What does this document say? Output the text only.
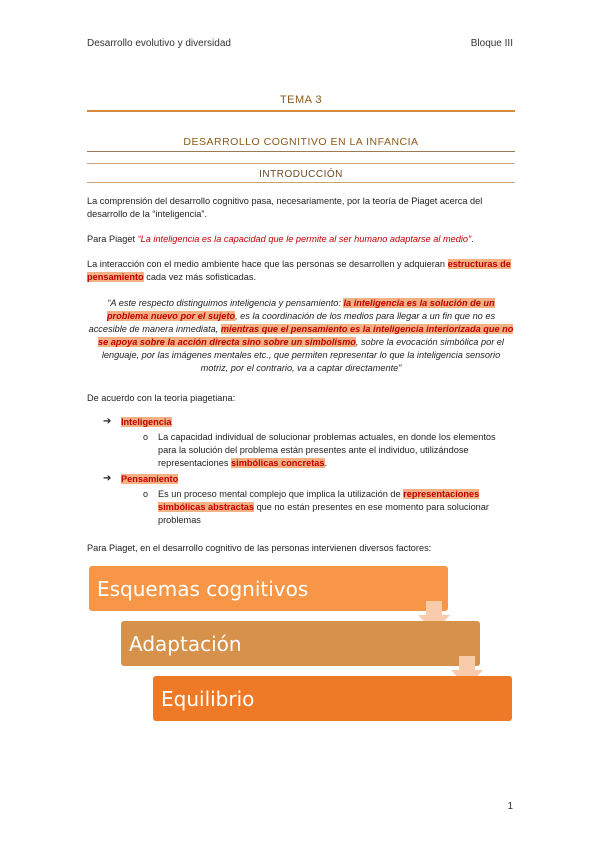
Desarrollo evolutivo y diversidad	Bloque III
TEMA 3
DESARROLLO COGNITIVO EN LA INFANCIA
INTRODUCCIÓN

La comprensión del desarrollo cognitivo pasa, necesariamente, por la teoría de Piaget acerca del desarrollo de la “inteligencia”.

Para Piaget “La inteligencia es la capacidad que le permite al ser humano adaptarse al medio”.

La interacción con el medio ambiente hace que las personas se desarrollen y adquieran estructuras de pensamiento cada vez más sofisticadas.

“A este respecto distinguimos inteligencia y pensamiento: la inteligencia es la solución de un problema nuevo por el sujeto, es la coordinación de los medios para llegar a un fin que no es accesible de manera inmediata, mientras que el pensamiento es la inteligencia interiorizada que no se apoya sobre la acción directa sino sobre un simbolismo, sobre la evocación simbólica por el lenguaje, por las imágenes mentales etc., que permiten representar lo que la inteligencia sensorio motriz, por el contrario, va a captar directamente”

De acuerdo con la teoría piagetiana:

➔ Inteligencia
o La capacidad individual de solucionar problemas actuales, en donde los elementos para la solución del problema están presentes ante el individuo, utilizándose representaciones simbólicas concretas.

➔ Pensamiento
o Es un proceso mental complejo que implica la utilización de representaciones simbólicas abstractas que no están presentes en ese momento para solucionar problemas

Para Piaget, en el desarrollo cognitivo de las personas intervienen diversos factores:

Esquemas cognitivos
Adaptación
Equilibrio
1
